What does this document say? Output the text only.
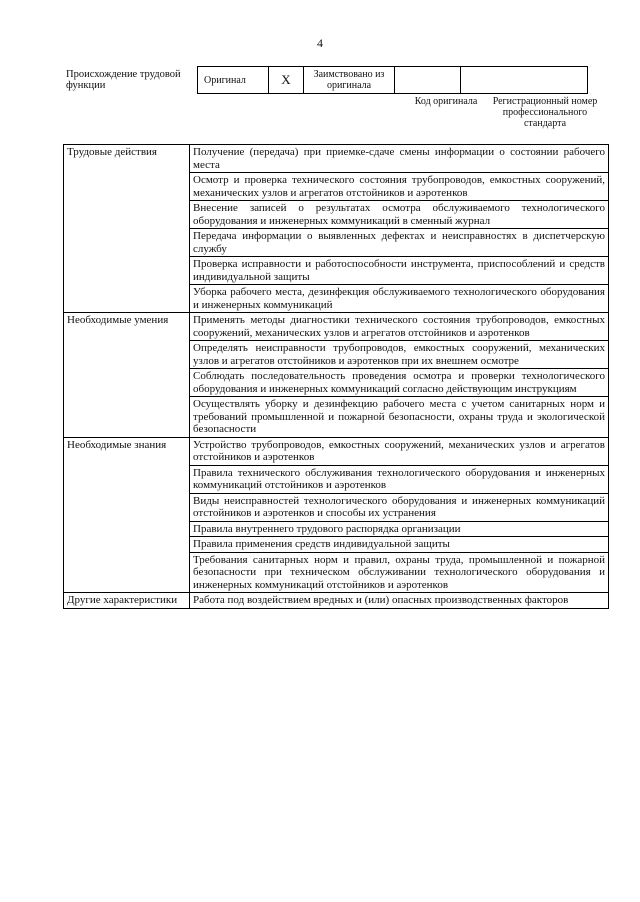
4
Происхождение трудовой функции	Оригинал	X	Заимствовано из оригинала		
Код оригинала	Регистрационный номер профессионального стандарта
Трудовые действия	Получение (передача) при приемке-сдаче смены информации о состоянии рабочего места
	Осмотр и проверка технического состояния трубопроводов, емкостных сооружений, механических узлов и агрегатов отстойников и аэротенков
	Внесение записей о результатах осмотра обслуживаемого технологического оборудования и инженерных коммуникаций в сменный журнал
	Передача информации о выявленных дефектах и неисправностях в диспетчерскую службу
	Проверка исправности и работоспособности инструмента, приспособлений и средств индивидуальной защиты
	Уборка рабочего места, дезинфекция обслуживаемого технологического оборудования и инженерных коммуникаций
Необходимые умения	Применять методы диагностики технического состояния трубопроводов, емкостных сооружений, механических узлов и агрегатов отстойников и аэротенков
	Определять неисправности трубопроводов, емкостных сооружений, механических узлов и агрегатов отстойников и аэротенков при их внешнем осмотре
	Соблюдать последовательность проведения осмотра и проверки технологического оборудования и инженерных коммуникаций согласно действующим инструкциям
	Осуществлять уборку и дезинфекцию рабочего места с учетом санитарных норм и требований промышленной и пожарной безопасности, охраны труда и экологической безопасности
Необходимые знания	Устройство трубопроводов, емкостных сооружений, механических узлов и агрегатов отстойников и аэротенков
	Правила технического обслуживания технологического оборудования и инженерных коммуникаций отстойников и аэротенков
	Виды неисправностей технологического оборудования и инженерных коммуникаций отстойников и аэротенков и способы их устранения
	Правила внутреннего трудового распорядка организации
	Правила применения средств индивидуальной защиты
	Требования санитарных норм и правил, охраны труда, промышленной и пожарной безопасности при техническом обслуживании технологического оборудования и инженерных коммуникаций отстойников и аэротенков
Другие характеристики	Работа под воздействием вредных и (или) опасных производственных факторов
